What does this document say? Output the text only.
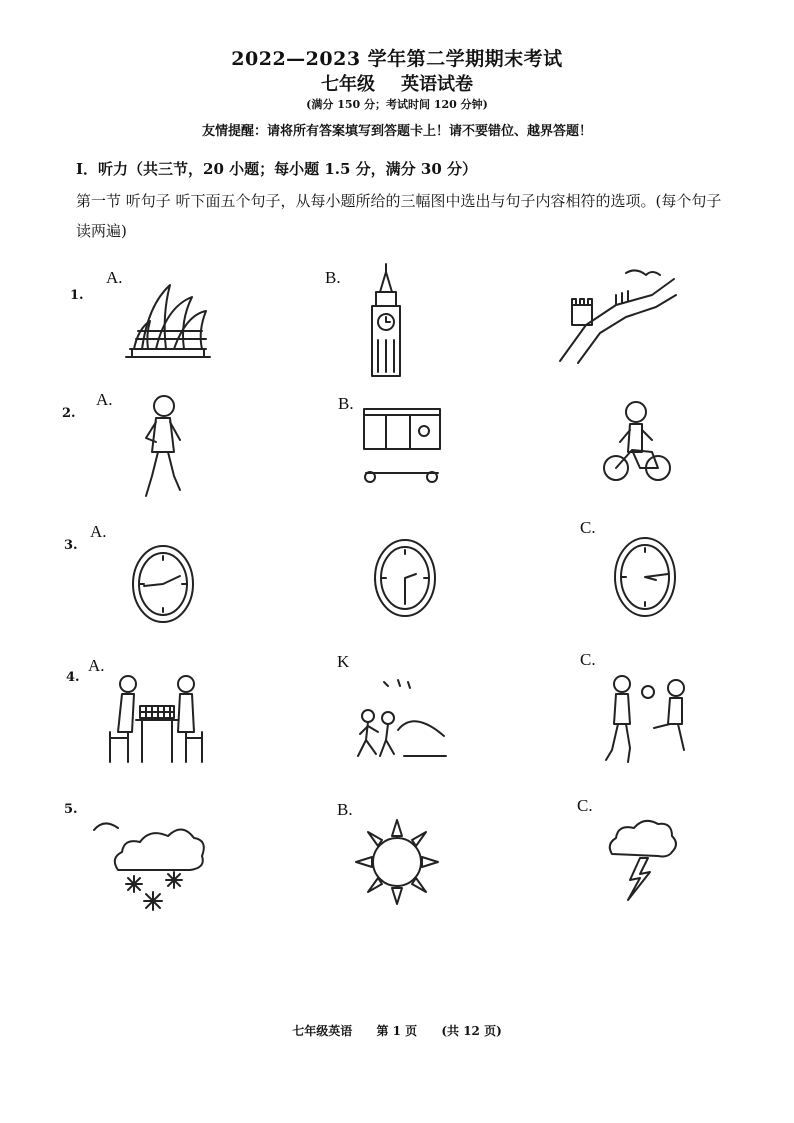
2022—2023 学年第二学期期末考试
七年级 英语试卷
(满分 150 分；考试时间 120 分钟)
友情提醒：请将所有答案填写到答题卡上！请不要错位、越界答题！
I．听力（共三节，20 小题；每小题 1.5 分，满分 30 分）
第一节 听句子 听下面五个句子，从每小题所给的三幅图中选出与句子内容相符的选项。(每个句子读两遍)
1.
A.	B.
2.
A.	B.
3.
A.	C.
4.
A.	K	C.
5.	B.	C.
七年级英语 第 1 页 (共 12 页)
